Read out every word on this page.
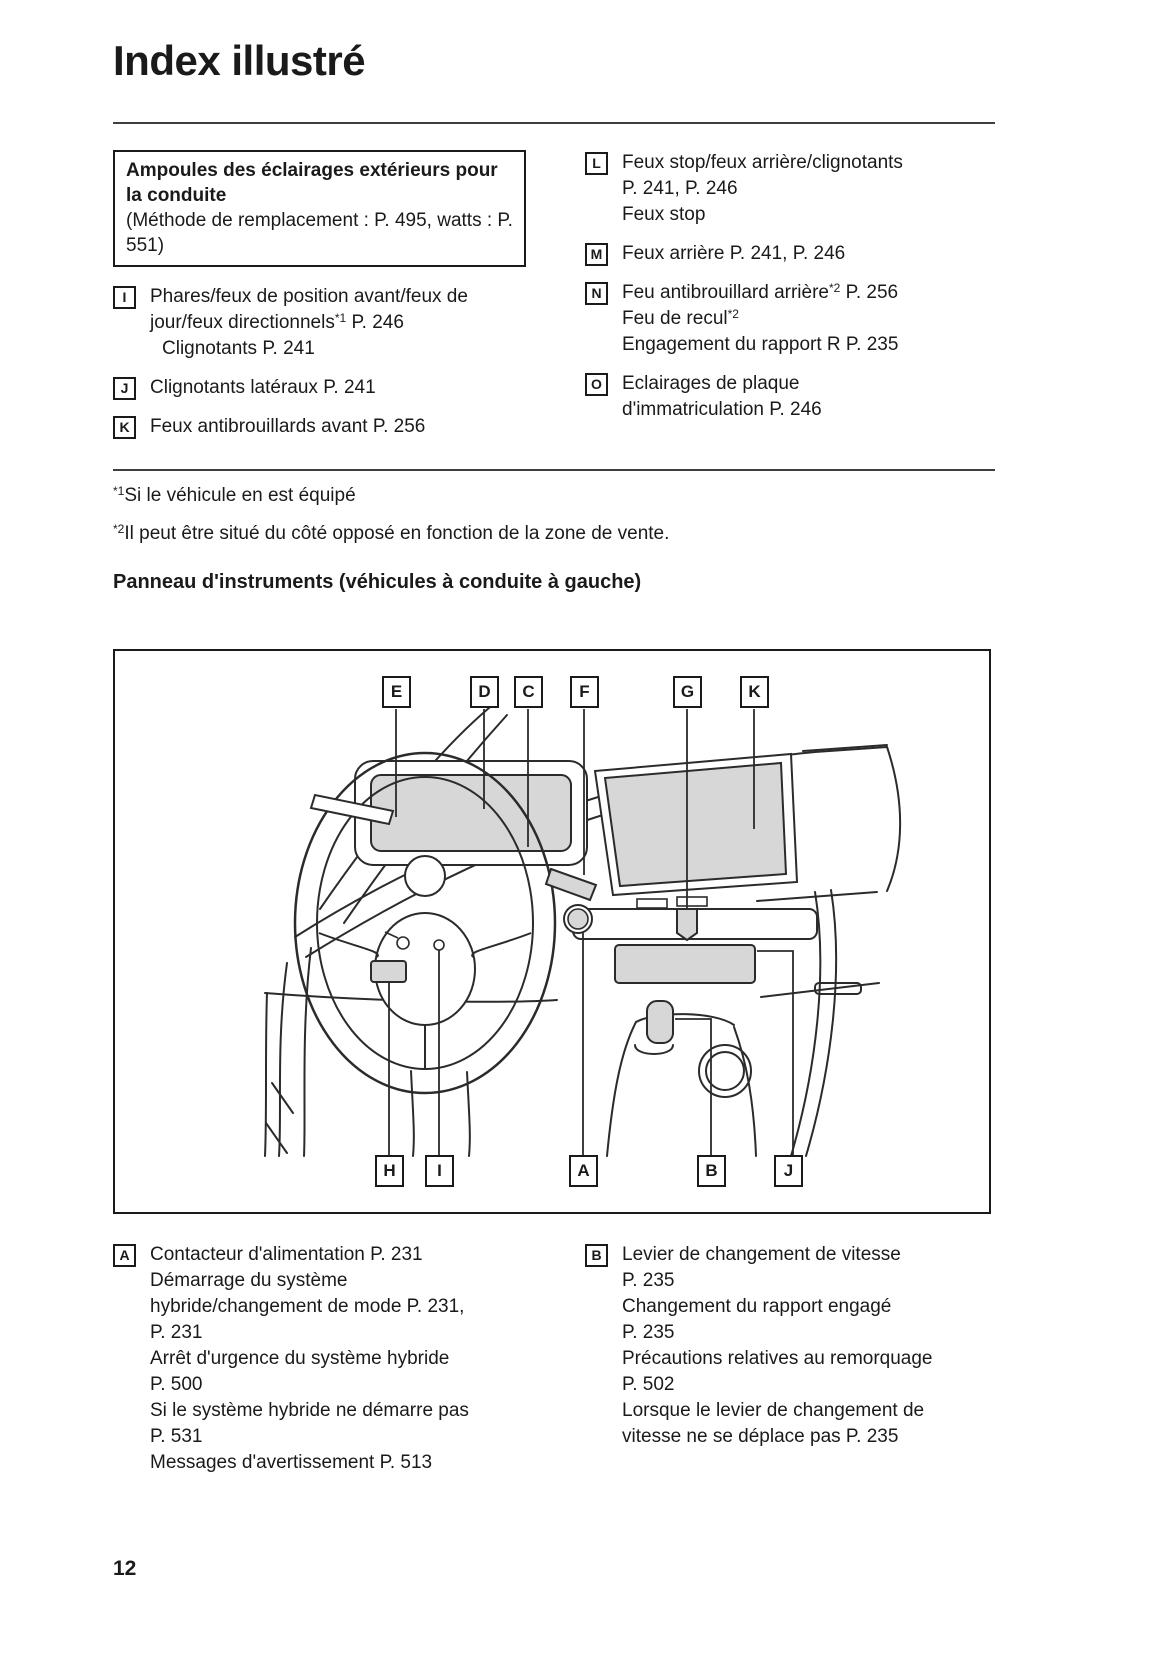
Index illustré
Ampoules des éclairages extérieurs pour la conduite
(Méthode de remplacement : P. 495, watts : P. 551)
I	Phares/feux de position avant/feux de
jour/feux directionnels$^{*1}$ P. 246
Clignotants P. 241
J	Clignotants latéraux P. 241
K	Feux antibrouillards avant P. 256
L	Feux stop/feux arrière/clignotants
P. 241, P. 246
Feux stop
M Feux arrière P. 241, P. 246
N	Feu antibrouillard arrière$^{*2}$ P. 256
Feu de recul$^{*2}$
Engagement du rapport R P. 235
O	Eclairages de plaque
d'immatriculation P. 246
$^{*1}$Si le véhicule en est équipé
$^{*2}$Il peut être situé du côté opposé en fonction de la zone de vente.
Panneau d'instruments (véhicules à conduite à gauche)
E	D C	F	G	K
H I	A	B	J
A	Contacteur d'alimentation P. 231
Démarrage du système
hybride/changement de mode P. 231,
P. 231
Arrêt d'urgence du système hybride
P. 500
Si le système hybride ne démarre pas
P. 531
Messages d'avertissement P. 513
B	Levier de changement de vitesse
P. 235
Changement du rapport engagé
P. 235
Précautions relatives au remorquage
P. 502
Lorsque le levier de changement de
vitesse ne se déplace pas P. 235
12
